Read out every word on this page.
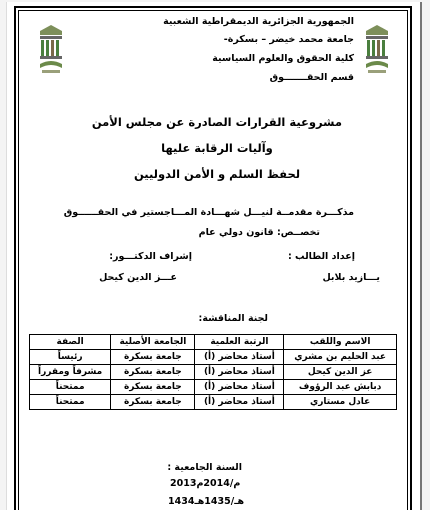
الجمهورية الجزائرية الديمقراطية الشعبية
جامعة محمد خيضر – بسكرة-
كلية الحقوق والعلوم السياسية
قسم الحقـــــــوق
مشروعية القرارات الصادرة عن مجلس الأمن
وآليات الرقابة عليها
لحفظ السلم و الأمن الدوليين
مذكـــرة مقدمــة لنيـــل شهـــادة المـــاجستير في الحقــــــوق
تخصــص: قانون دولي عام
إعداد الطالب :
إشراف الدكتـــور:
يـــازيد بلابل
عـــز الدين كيحل
لجنة المناقشة:
الاسم واللقب	الرتبة العلمية	الجامعة الأصلية	الصفة
عبد الحليم بن مشري	أستاذ محاضر (أ)	جامعة بسكرة	رئيساً
عز الدين كيحل	أستاذ محاضر (أ)	جامعة بسكرة	مشرفاً ومقرراً
دبابش عبد الرؤوف	أستاذ محاضر (أ)	جامعة بسكرة	ممتحناً
عادل مستاري	أستاذ محاضر (أ)	جامعة بسكرة	ممتحناً
السنة الجامعية :
2013م/2014م
1434هـ/1435هـ
